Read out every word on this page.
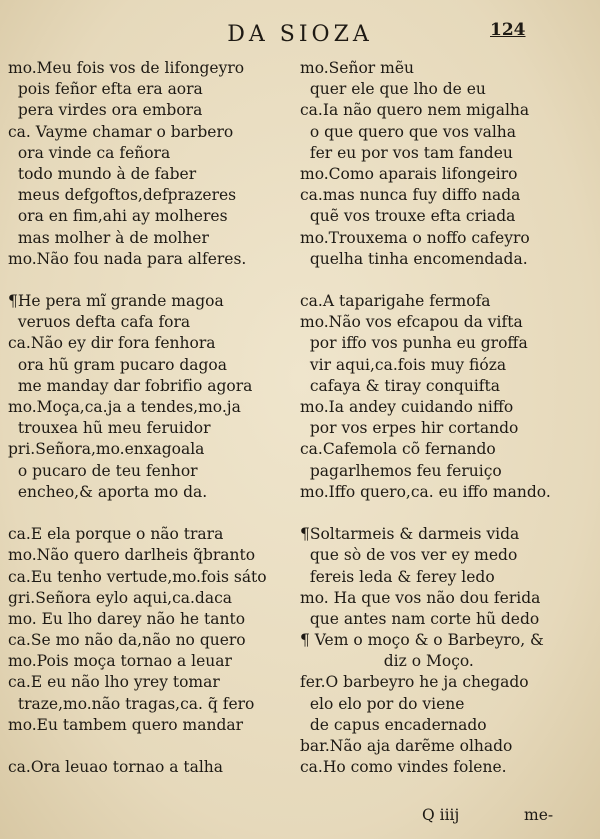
DA SIOZA	124
mo.Meu fois vos de lifongeyro
pois feñor efta era aora
pera virdes ora embora
ca. Vayme chamar o barbero
ora vinde ca feñora
todo mundo à de faber
meus defgoftos,defprazeres
ora en fim,ahi ay molheres
mas molher à de molher
mo.Não fou nada para alferes.
¶He pera mĩ grande magoa
veruos defta cafa fora
ca.Não ey dir fora fenhora
ora hũ gram pucaro dagoa
me manday dar fobrifi̇o agora
mo.Moça,ca.ja a tendes,mo.ja
trouxea hũ meu feruidor
pri.Señora,mo.enxagoala
o pucaro de teu fenhor
encheo,& aporta mo da.
ca.E ela porque o não trara
mo.Não quero darlheis q̃branto
ca.Eu tenho vertude,mo.fois sáto
gri.Señora eylo aqui,ca.daca
mo. Eu lho darey não he tanto
ca.Se mo não da,não no quero
mo.Pois moça tornao a leuar
ca.E eu não lho yrey tomar
traze,mo.não tragas,ca. q̃ fero
mo.Eu tambem quero mandar
ca.Ora leuao tornao a talha
mo.Señor mẽu
quer ele que lho de eu
ca.Ia não quero nem migalha
o que quero que vos valha
fer eu por vos tam fandeu
mo.Como aparais lifongeiro
ca.mas nunca fuy diffo nada
quẽ vos trouxe efta criada
mo.Trouxema o noffo cafeyro
quelha tinha encomendada.
ca.A taparigahe fermofa
mo.Não vos efcapou da vifta
por iffo vos punha eu groffa
vir aqui,ca.fois muy fióza
cafaya & tiray conquifta
mo.Ia andey cuidando niffo
por vos erpes hir cortando
ca.Cafemola cõ fernando
pagarlhemos feu feruiço
mo.Iffo quero,ca. eu iffo mando.
¶Soltarmeis & darmeis vida
que sò de vos ver ey medo
fereis leda & ferey ledo
mo. Ha que vos não dou ferida
que antes nam corte hũ dedo
¶ Vem o moço & o Barbeyro, &
diz o Moço.
fer.O barbeyro he ja chegado
elo elo por do viene
de capus encadernado
bar.Não aja darẽme olhado
ca.Ho como vindes folene.
Q iiij	me-
